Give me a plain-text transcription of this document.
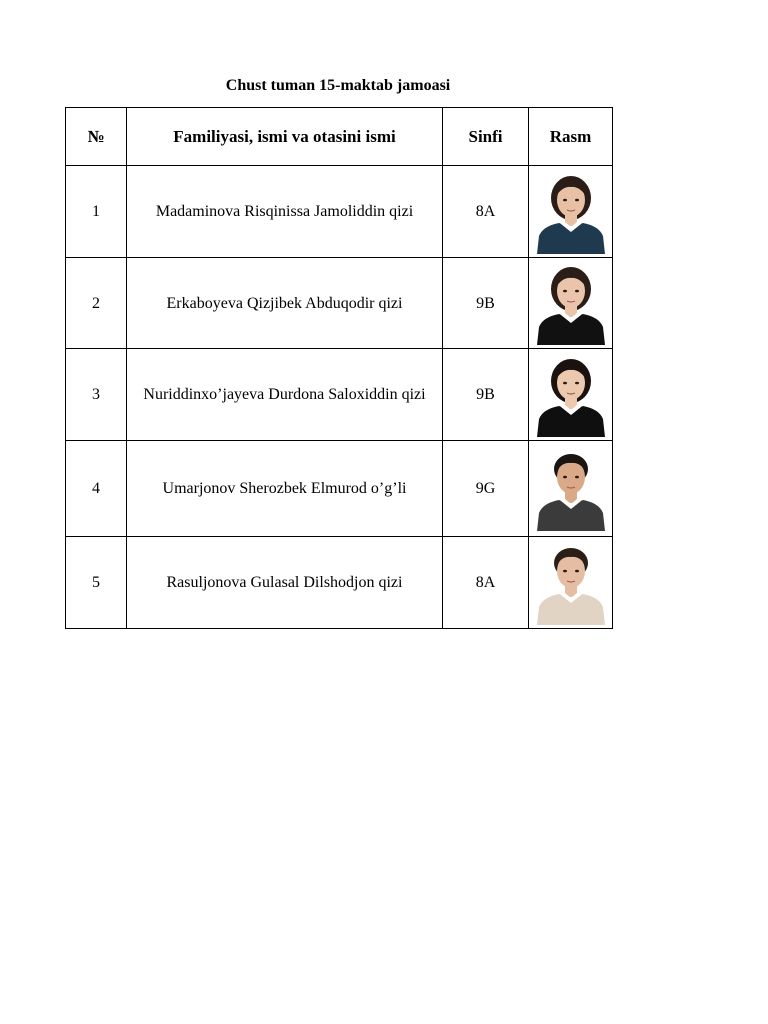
Chust tuman 15-maktab jamoasi
№	Familiyasi, ismi va otasini ismi	Sinfi	Rasm
1	Madaminova Risqinissa Jamoliddin qizi	8A	

2	Erkaboyeva Qizjibek Abduqodir qizi	9B	

3	Nuriddinxo’jayeva Durdona Saloxiddin qizi	9B	

4	Umarjonov Sherozbek Elmurod o’g’li	9G	

5	Rasuljonova Gulasal Dilshodjon qizi	8A	
